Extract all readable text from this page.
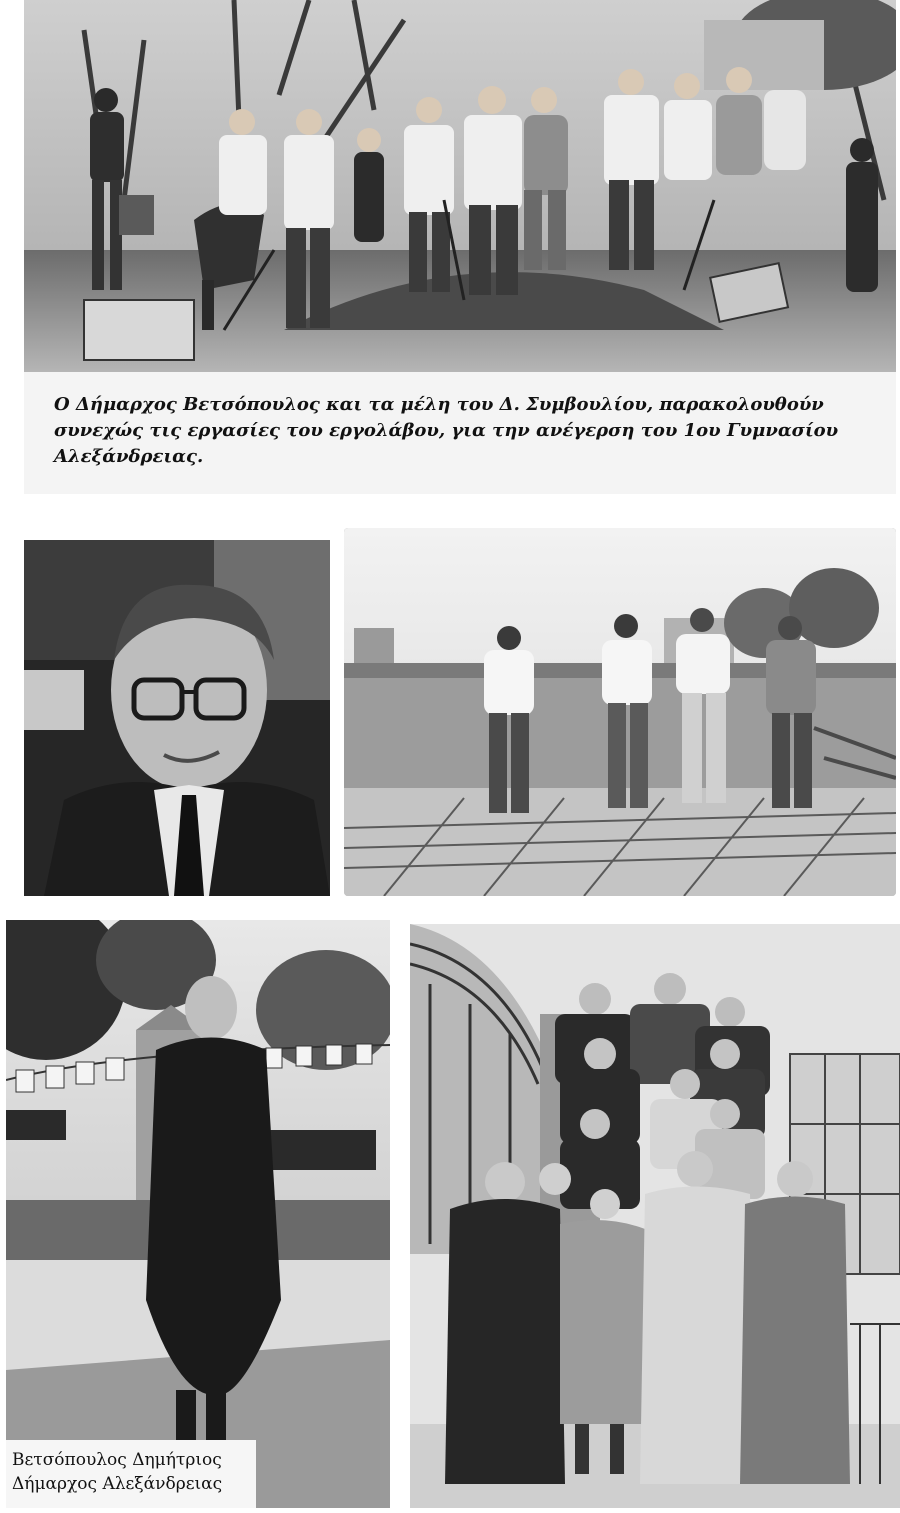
Ο Δήμαρχος Βετσόπουλος και τα μέλη του Δ. Συμβουλίου, παρακολουθούν συνεχώς τις εργασίες του εργολάβου, για την ανέγερση του 1ου Γυμνασίου Αλεξάνδρειας.

Βετσόπουλος Δημήτριος
Δήμαρχος Αλεξάνδρειας
